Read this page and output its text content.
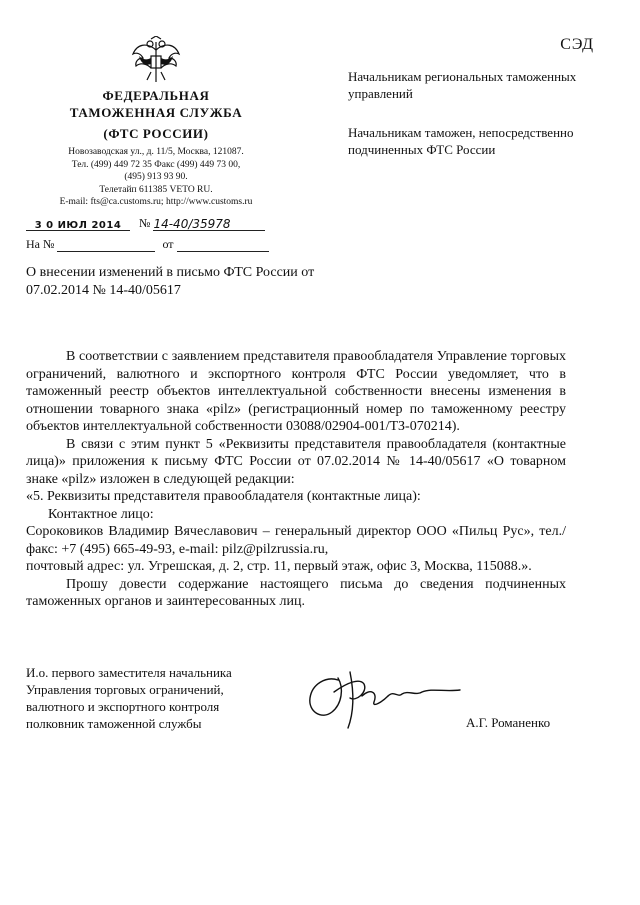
СЭД
ФЕДЕРАЛЬНАЯ
ТАМОЖЕННАЯ СЛУЖБА
(ФТС РОССИИ)
Новозаводская ул., д. 11/5, Москва, 121087.
Тел. (499) 449 72 35 Факс (499) 449 73 00,
(495) 913 93 90.
Телетайп 611385 VETO RU.
E-mail: fts@ca.customs.ru; http://www.customs.ru
3 0 ИЮЛ 2014 № 14-40/35978
На №	от
Начальникам региональных таможенных управлений
Начальникам таможен, непосредственно подчиненных ФТС России
О внесении изменений в письмо ФТС России от 07.02.2014 № 14-40/05617

В соответствии с заявлением представителя правообладателя Управление торговых ограничений, валютного и экспортного контроля ФТС России уведомляет, что в таможенный реестр объектов интеллектуальной собственности внесены изменения в отношении товарного знака «pilz» (регистрационный номер по таможенному реестру объектов интеллектуальной собственности 03088/02904-001/ТЗ-070214).

В связи с этим пункт 5 «Реквизиты представителя правообладателя (контактные лица)» приложения к письму ФТС России от 07.02.2014 № 14-40/05617 «О товарном знаке «pilz» изложен в следующей редакции:

«5. Реквизиты представителя правообладателя (контактные лица):

Контактное лицо:

Сороковиков Владимир Вячеславович – генеральный директор ООО «Пильц Рус», тел./факс: +7 (495) 665-49-93, e-mail: pilz@pilzrussia.ru,

почтовый адрес: ул. Угрешская, д. 2, стр. 11, первый этаж, офис 3, Москва, 115088.».

Прошу довести содержание настоящего письма до сведения подчиненных таможенных органов и заинтересованных лиц.

И.о. первого заместителя начальника
Управления торговых ограничений,
валютного и экспортного контроля
полковник таможенной службы	А.Г. Романенко
